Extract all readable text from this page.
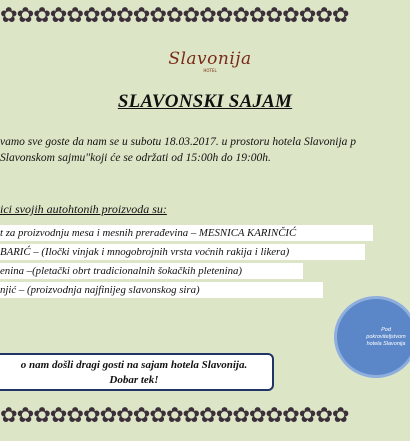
✿✿✿✿✿✿✿✿✿✿✿✿✿✿✿✿✿✿✿✿✿
Slavonija
HOTEL
SLAVONSKI SAJAM
vamo sve goste da nam se u subotu 18.03.2017. u prostoru hotela Slavonija p
Slavonskom sajmu"koji će se održati od 15:00h do 19:00h.
ici svojih autohtonih proizvoda su:
t za proizvodnju mesa i mesnih prerađevina – MESNICA KARINČIĆ
BARIĆ – (Iločki vinjak i mnogobrojnih vrsta voćnih rakija i likera)
enina –(pletački obrt tradicionalnih šokačkih pletenina)
njić – (proizvodnja najfinijeg slavonskog sira)
Pod pokroviteljstvom hotela Slavonija
o nam došli dragi gosti na sajam hotela Slavonija.
Dobar tek!
✿✿✿✿✿✿✿✿✿✿✿✿✿✿✿✿✿✿✿✿✿
